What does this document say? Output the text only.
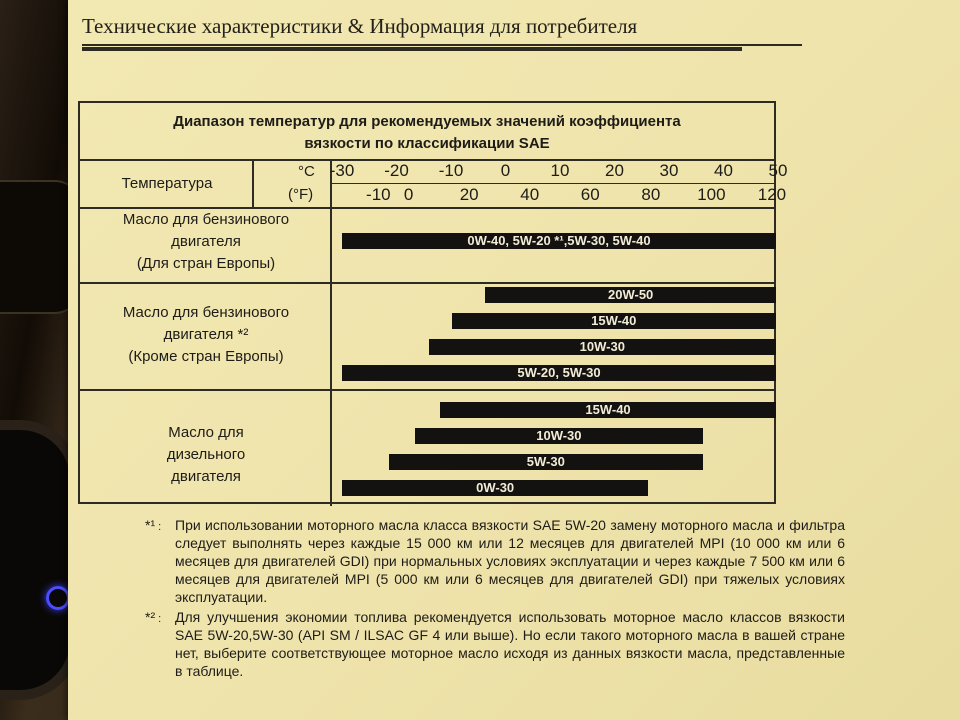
Технические характеристики & Информация для потребителя
Диапазон температур для рекомендуемых значений коэффициента
вязкости по классификации SAE
Температура
°C
(°F)
-30 -20 -10 0 10 20 30 40 50
-10 0	20 40 60 80 100 120
Масло для бензинового
двигателя
(Для стран Европы)
Масло для бензинового
двигателя *²
(Кроме стран Европы)
Масло для
дизельного
двигателя
0W-40, 5W-20 *¹,5W-30, 5W-40
20W-50
15W-40
10W-30
5W-20, 5W-30
15W-40
10W-30
5W-30
0W-30
*¹ : При использовании моторного масла класса вязкости SAE 5W-20 замену моторного масла и фильтра следует выполнять через каждые 15 000 км или 12 месяцев для двигателей MPI (10 000 км или 6 месяцев для двигателей GDI) при нормальных условиях эксплуатации и через каждые 7 500 км или 6 месяцев для двигателей MPI (5 000 км или 6 месяцев для двигателей GDI) при тяжелых условиях эксплуатации.
*² : Для улучшения экономии топлива рекомендуется использовать моторное масло классов вязкости SAE 5W-20,5W-30 (API SM / ILSAC GF 4 или выше). Но если такого моторного масла в вашей стране нет, выберите соответствующее моторное масло исходя из данных вязкости масла, представленные в таблице.
